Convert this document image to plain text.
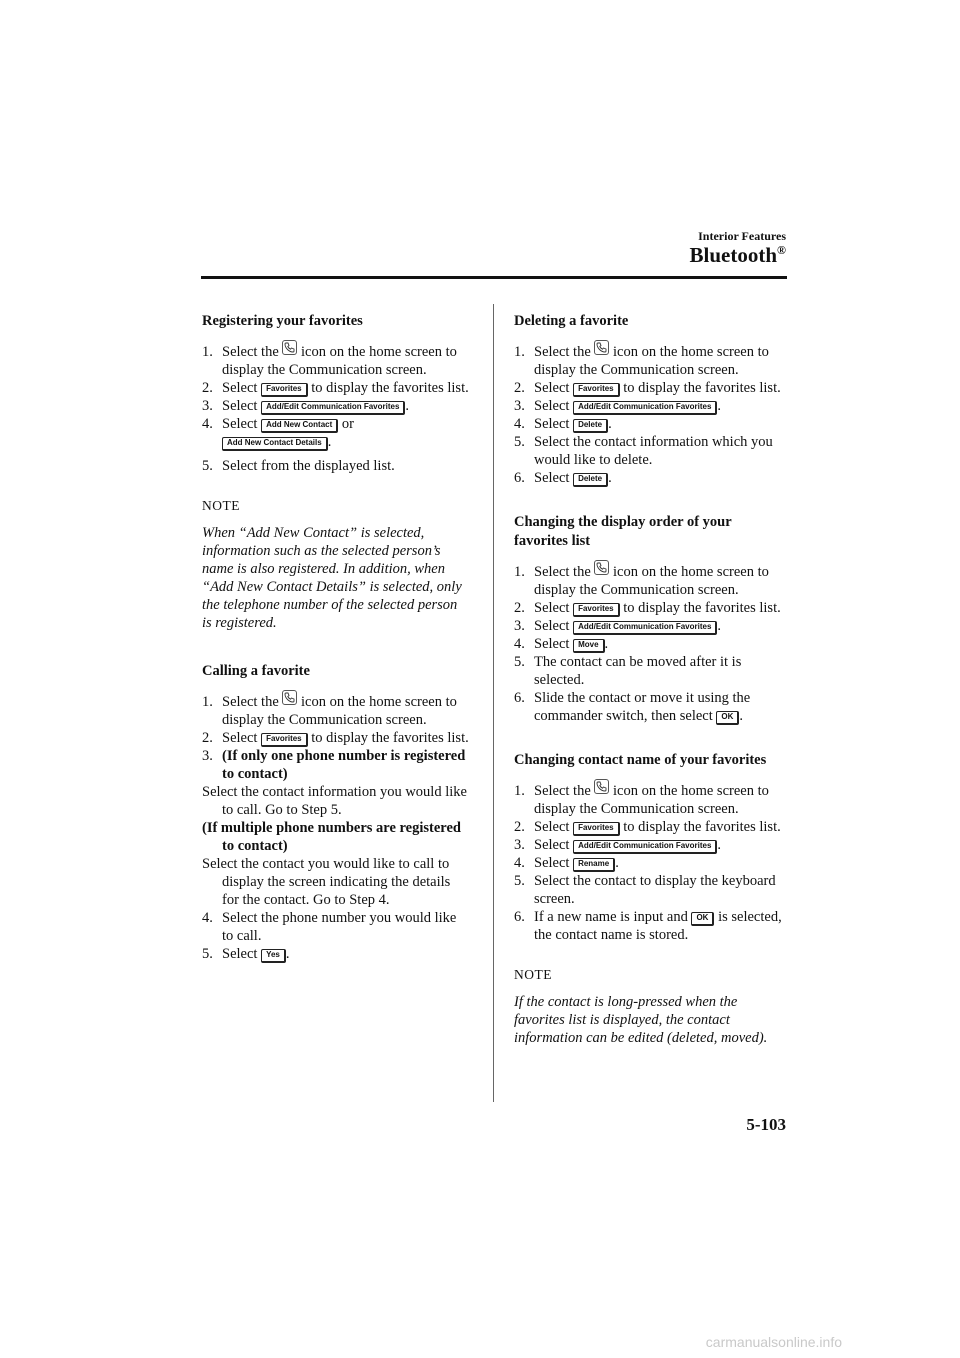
Interior Features
Bluetooth®
Registering your favorites
1. Select the icon on the home screen to display the Communication screen.
2. Select Favorites to display the favorites list.
3. Select Add/Edit Communication Favorites .
4. Select Add New Contact or
Add New Contact Details .
5. Select from the displayed list.
NOTE
When “Add New Contact” is selected, information such as the selected person’s name is also registered. In addition, when “Add New Contact Details” is selected, only the telephone number of the selected person is registered.
Calling a favorite
1. Select the icon on the home screen to display the Communication screen.
2. Select Favorites to display the favorites list.
3. (If only one phone number is registered to contact)
Select the contact information you would like to call. Go to Step 5.
(If multiple phone numbers are registered to contact)
Select the contact you would like to call to display the screen indicating the details for the contact. Go to Step 4.
4. Select the phone number you would like to call.
5. Select Yes .
Deleting a favorite
1. Select the icon on the home screen to display the Communication screen.
2. Select Favorites to display the favorites list.
3. Select Add/Edit Communication Favorites .
4. Select Delete .
5. Select the contact information which you would like to delete.
6. Select Delete .
Changing the display order of your favorites list
1. Select the icon on the home screen to display the Communication screen.
2. Select Favorites to display the favorites list.
3. Select Add/Edit Communication Favorites .
4. Select Move .
5. The contact can be moved after it is selected.
6. Slide the contact or move it using the commander switch, then select OK .
Changing contact name of your favorites
1. Select the icon on the home screen to display the Communication screen.
2. Select Favorites to display the favorites list.
3. Select Add/Edit Communication Favorites .
4. Select Rename .
5. Select the contact to display the keyboard screen.
6. If a new name is input and OK is selected, the contact name is stored.
NOTE
If the contact is long-pressed when the favorites list is displayed, the contact information can be edited (deleted, moved).
5-103
carmanualsonline.info
